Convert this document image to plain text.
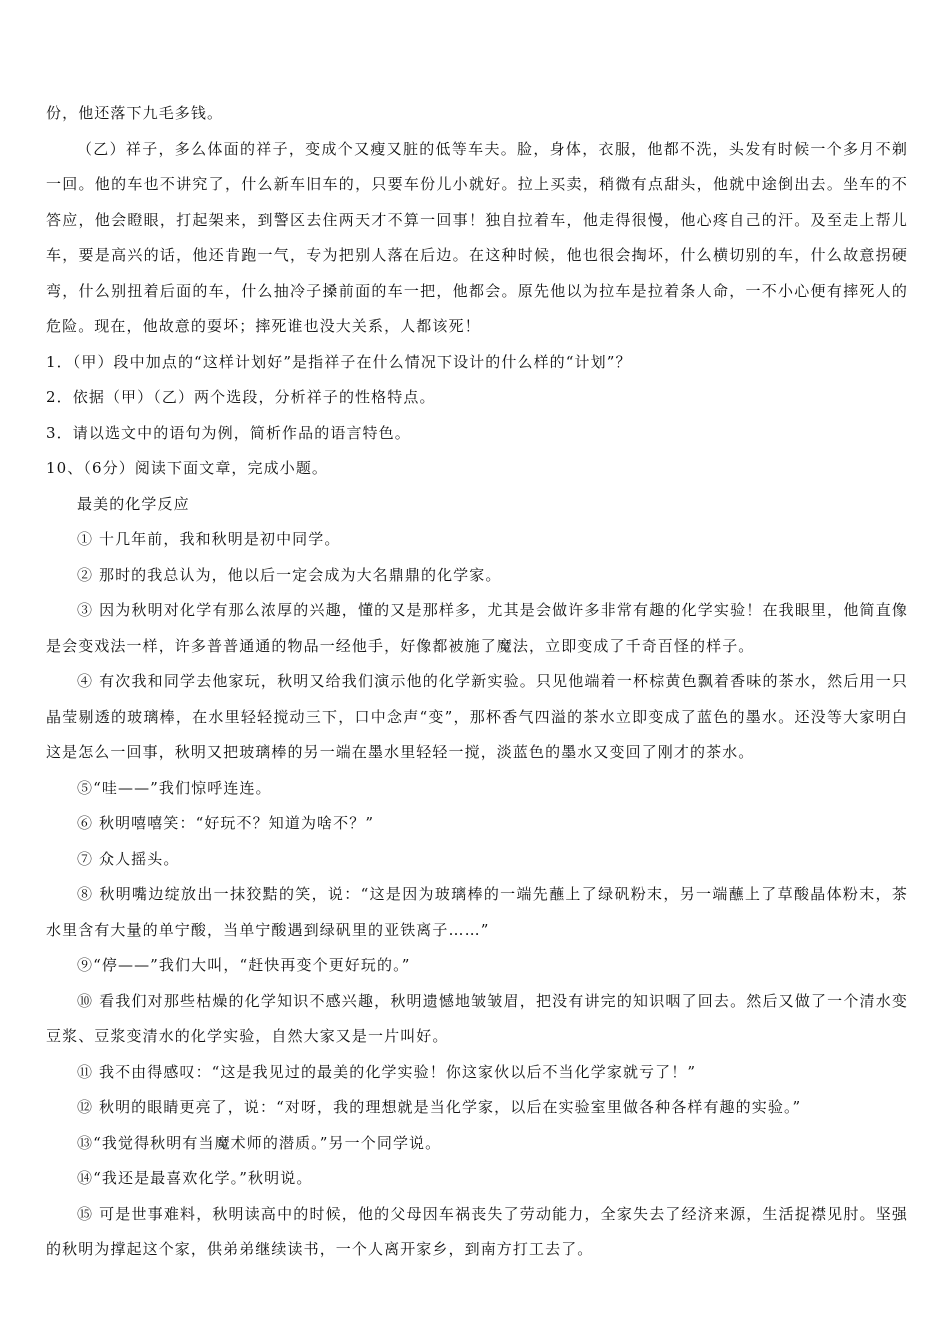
份，他还落下九毛多钱。

（乙）祥子，多么体面的祥子，变成个又瘦又脏的低等车夫。脸，身体，衣服，他都不洗，头发有时候一个多月不剃一回。他的车也不讲究了，什么新车旧车的，只要车份儿小就好。拉上买卖，稍微有点甜头，他就中途倒出去。坐车的不答应，他会瞪眼，打起架来，到警区去住两天才不算一回事！独自拉着车，他走得很慢，他心疼自己的汗。及至走上帮儿车，要是高兴的话，他还肯跑一气，专为把别人落在后边。在这种时候，他也很会掏坏，什么横切别的车，什么故意拐硬弯，什么别扭着后面的车，什么抽冷子搡前面的车一把，他都会。原先他以为拉车是拉着条人命，一不小心便有摔死人的危险。现在，他故意的耍坏；摔死谁也没大关系，人都该死！

1．（甲）段中加点的“这样计划好”是指祥子在什么情况下设计的什么样的“计划”？

2．依据（甲）（乙）两个选段，分析祥子的性格特点。

3．请以选文中的语句为例，简析作品的语言特色。

10、（6分）阅读下面文章，完成小题。

最美的化学反应

① 十几年前，我和秋明是初中同学。

② 那时的我总认为，他以后一定会成为大名鼎鼎的化学家。

③ 因为秋明对化学有那么浓厚的兴趣，懂的又是那样多，尤其是会做许多非常有趣的化学实验！在我眼里，他简直像是会变戏法一样，许多普普通通的物品一经他手，好像都被施了魔法，立即变成了千奇百怪的样子。

④ 有次我和同学去他家玩，秋明又给我们演示他的化学新实验。只见他端着一杯棕黄色飘着香味的茶水，然后用一只晶莹剔透的玻璃棒，在水里轻轻搅动三下，口中念声“变”，那杯香气四溢的茶水立即变成了蓝色的墨水。还没等大家明白这是怎么一回事，秋明又把玻璃棒的另一端在墨水里轻轻一搅，淡蓝色的墨水又变回了刚才的茶水。

⑤“哇——”我们惊呼连连。

⑥ 秋明嘻嘻笑：“好玩不？知道为啥不？”

⑦ 众人摇头。

⑧ 秋明嘴边绽放出一抹狡黠的笑，说：“这是因为玻璃棒的一端先蘸上了绿矾粉末，另一端蘸上了草酸晶体粉末，茶水里含有大量的单宁酸，当单宁酸遇到绿矾里的亚铁离子……”

⑨“停——”我们大叫，“赶快再变个更好玩的。”

⑩ 看我们对那些枯燥的化学知识不感兴趣，秋明遗憾地皱皱眉，把没有讲完的知识咽了回去。然后又做了一个清水变豆浆、豆浆变清水的化学实验，自然大家又是一片叫好。

⑪ 我不由得感叹：“这是我见过的最美的化学实验！你这家伙以后不当化学家就亏了！”

⑫ 秋明的眼睛更亮了，说：“对呀，我的理想就是当化学家，以后在实验室里做各种各样有趣的实验。”

⑬“我觉得秋明有当魔术师的潜质。”另一个同学说。

⑭“我还是最喜欢化学。”秋明说。

⑮ 可是世事难料，秋明读高中的时候，他的父母因车祸丧失了劳动能力，全家失去了经济来源，生活捉襟见肘。坚强的秋明为撑起这个家，供弟弟继续读书，一个人离开家乡，到南方打工去了。
